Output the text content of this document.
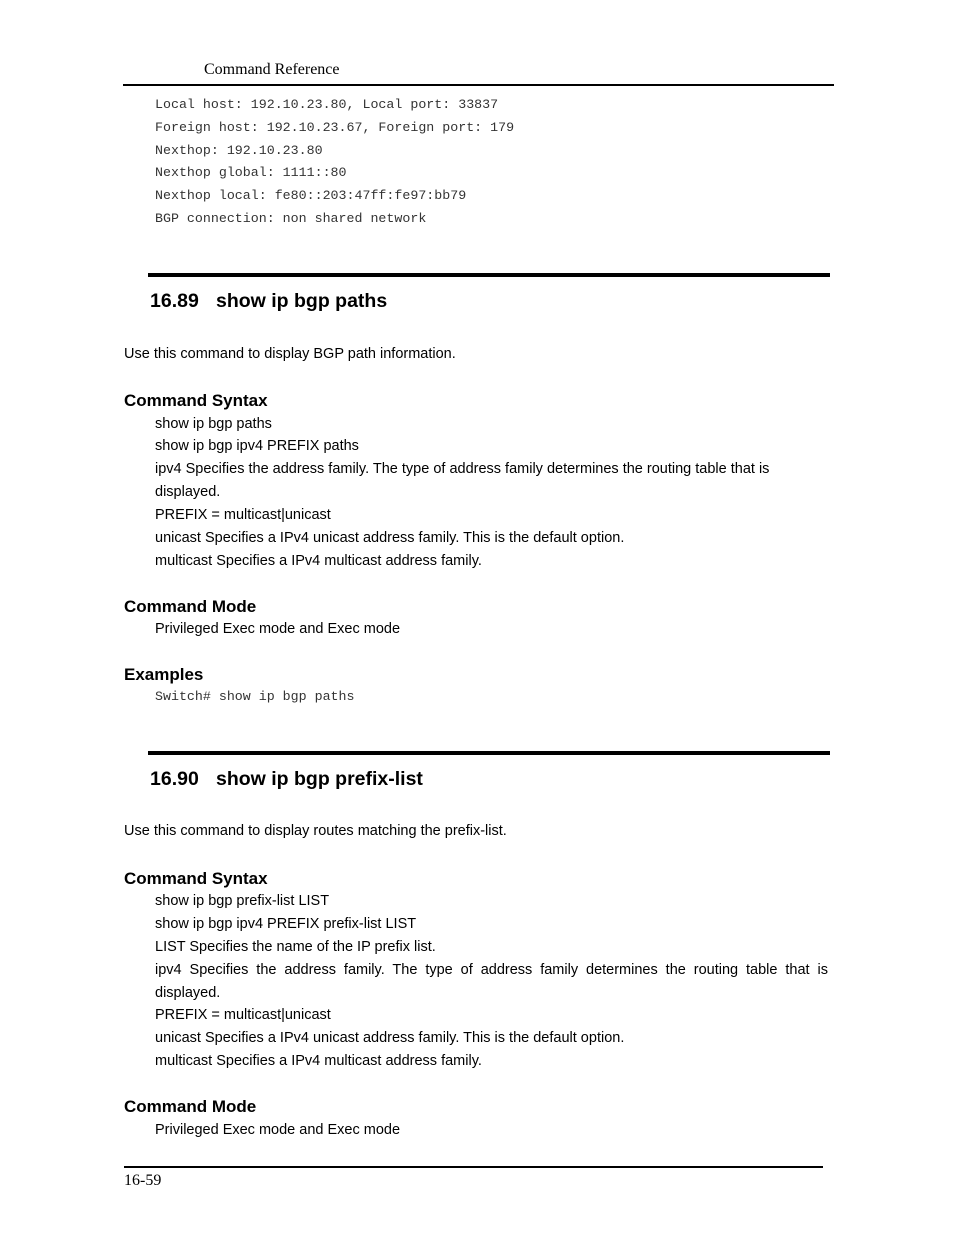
Command Reference

Local host: 192.10.23.80, Local port: 33837

Foreign host: 192.10.23.67, Foreign port: 179

Nexthop: 192.10.23.80

Nexthop global: 1111::80

Nexthop local: fe80::203:47ff:fe97:bb79

BGP connection: non shared network

16.89 show ip bgp paths
Use this command to display BGP path information.
Command Syntax
show ip bgp paths
show ip bgp ipv4 PREFIX paths
ipv4 Specifies the address family. The type of address family determines the routing table that is
displayed.
PREFIX = multicast|unicast
unicast Specifies a IPv4 unicast address family. This is the default option.
multicast Specifies a IPv4 multicast address family.
Command Mode
Privileged Exec mode and Exec mode
Examples
Switch# show ip bgp paths
16.90 show ip bgp prefix-list
Use this command to display routes matching the prefix-list.
Command Syntax
show ip bgp prefix-list LIST
show ip bgp ipv4 PREFIX prefix-list LIST
LIST Specifies the name of the IP prefix list.
ipv4 Specifies the address family. The type of address family determines the routing table that is
displayed.
PREFIX = multicast|unicast
unicast Specifies a IPv4 unicast address family. This is the default option.
multicast Specifies a IPv4 multicast address family.
Command Mode
Privileged Exec mode and Exec mode
16-59
